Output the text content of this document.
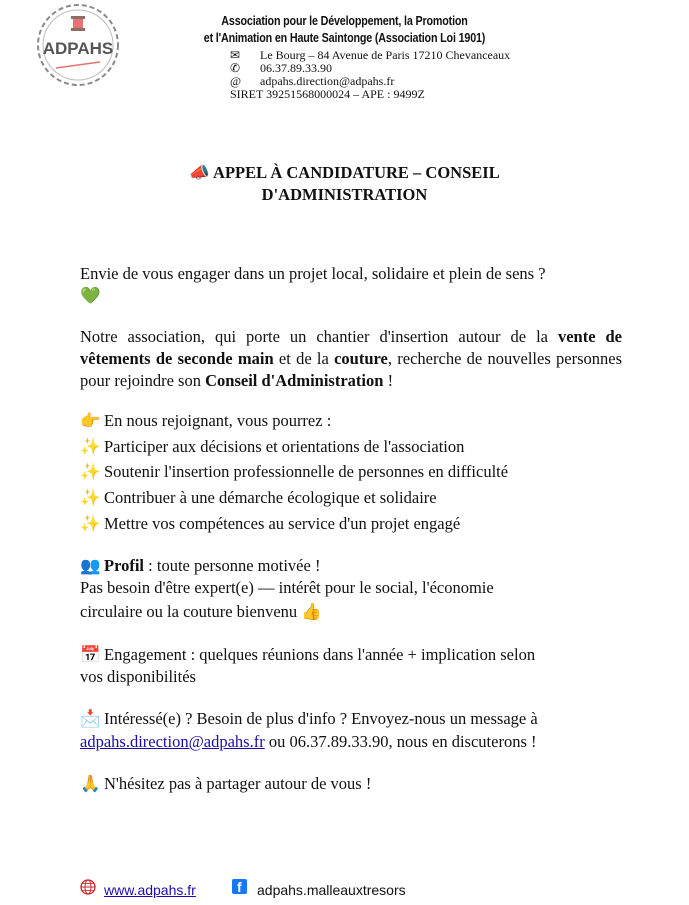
ADPAHS
Association pour le Développement, la Promotion
et l'Animation en Haute Saintonge (Association Loi 1901)
✉ Le Bourg – 84 Avenue de Paris 17210 Chevanceaux
✆ 06.37.89.33.90
@ adpahs.direction@adpahs.fr
SIRET 39251568000024 – APE : 9499Z
📣 APPEL À CANDIDATURE – CONSEIL
D'ADMINISTRATION
Envie de vous engager dans un projet local, solidaire et plein de sens ?
💚
Notre association, qui porte un chantier d'insertion autour de la vente de vêtements de seconde main et de la couture, recherche de nouvelles personnes pour rejoindre son Conseil d'Administration !
👉 En nous rejoignant, vous pourrez :
✨ Participer aux décisions et orientations de l'association
✨ Soutenir l'insertion professionnelle de personnes en difficulté
✨ Contribuer à une démarche écologique et solidaire
✨ Mettre vos compétences au service d'un projet engagé
👥 Profil : toute personne motivée !
Pas besoin d'être expert(e) — intérêt pour le social, l'économie
circulaire ou la couture bienvenu 👍
📅 Engagement : quelques réunions dans l'année + implication selon
vos disponibilités
📩 Intéressé(e) ? Besoin de plus d'info ? Envoyez-nous un message à
adpahs.direction@adpahs.fr ou 06.37.89.33.90, nous en discuterons !
🙏 N'hésitez pas à partager autour de vous !
www.adpahs.fr	f adpahs.malleauxtresors
